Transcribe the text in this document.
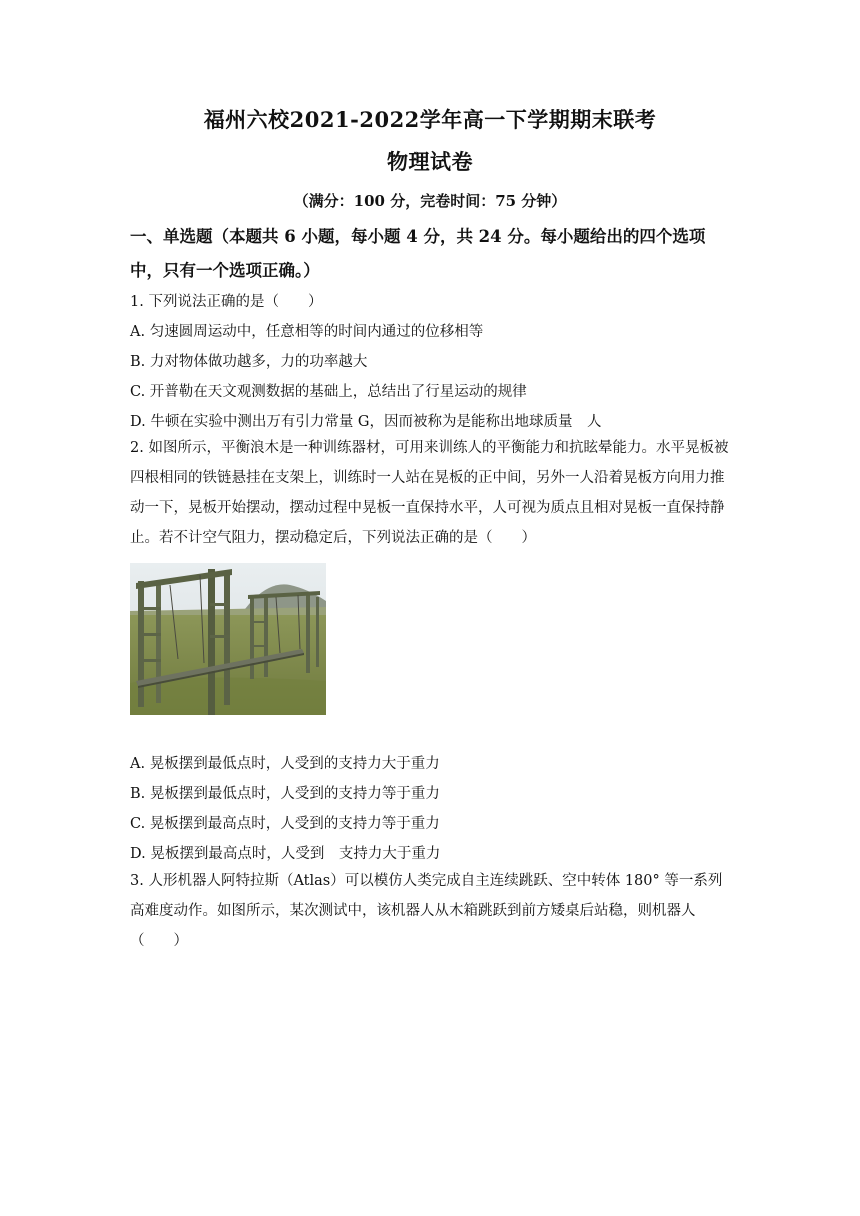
福州六校2021-2022学年高一下学期期末联考
物理试卷
（满分：100 分，完卷时间：75 分钟）
一、单选题（本题共 6 小题，每小题 4 分，共 24 分。每小题给出的四个选项中，只有一个选项正确。）
1. 下列说法正确的是（　　）
A. 匀速圆周运动中，任意相等的时间内通过的位移相等
B. 力对物体做功越多，力的功率越大
C. 开普勒在天文观测数据的基础上，总结出了行星运动的规律
D. 牛顿在实验中测出万有引力常量 G，因而被称为是能称出地球质量　人
2. 如图所示，平衡浪木是一种训练器材，可用来训练人的平衡能力和抗眩晕能力。水平晃板被四根相同的铁链悬挂在支架上，训练时一人站在晃板的正中间，另外一人沿着晃板方向用力推动一下，晃板开始摆动，摆动过程中晃板一直保持水平，人可视为质点且相对晃板一直保持静止。若不计空气阻力，摆动稳定后，下列说法正确的是（　　）
A. 晃板摆到最低点时，人受到的支持力大于重力
B. 晃板摆到最低点时，人受到的支持力等于重力
C. 晃板摆到最高点时，人受到的支持力等于重力
D. 晃板摆到最高点时，人受到　支持力大于重力
3. 人形机器人阿特拉斯（Atlas）可以模仿人类完成自主连续跳跃、空中转体 180° 等一系列高难度动作。如图所示，某次测试中，该机器人从木箱跳跃到前方矮桌后站稳，则机器人（　　）
